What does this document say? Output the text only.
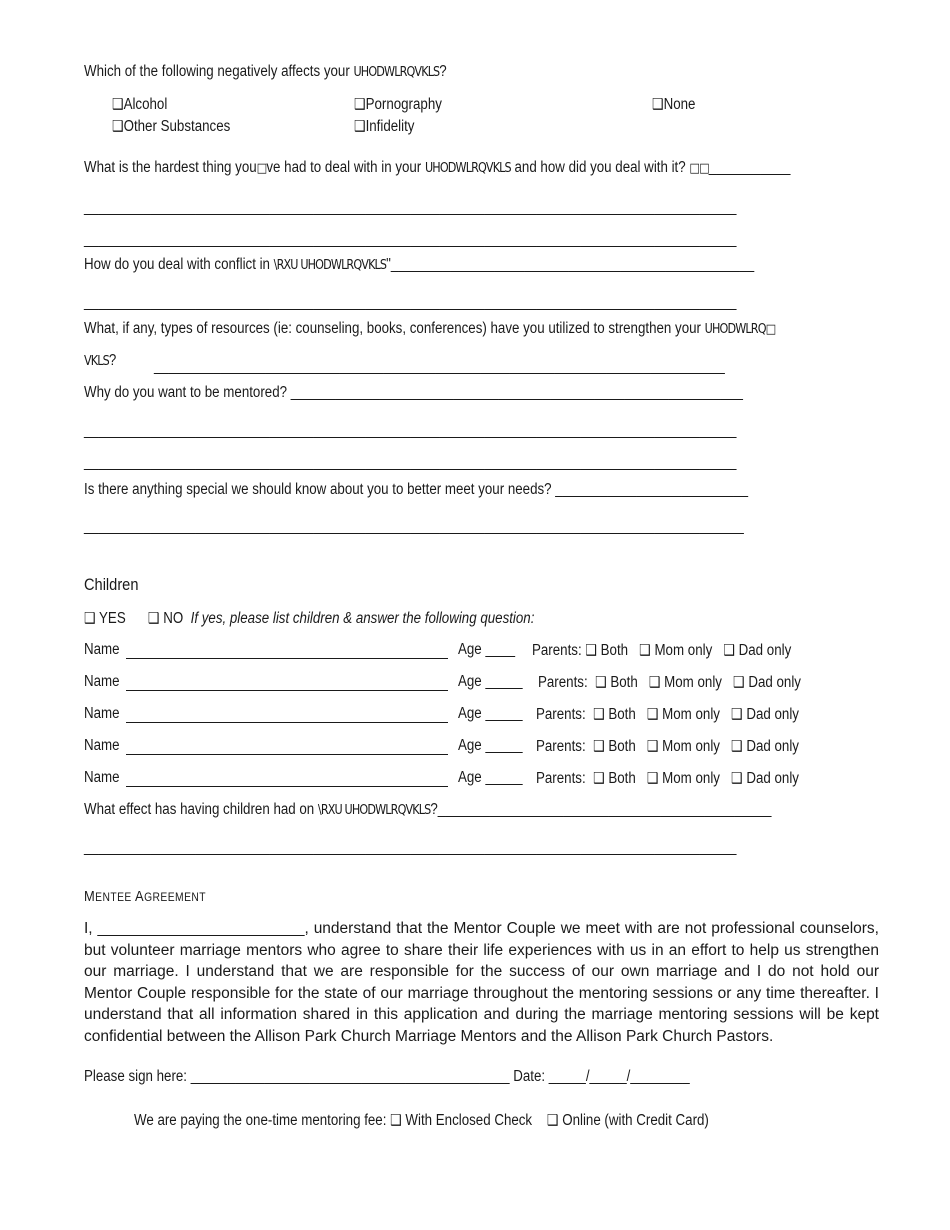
Which of the following negatively affects your UHODWLRQVKLS?
❑Alcohol	❑Pornography	❑None
❑Other Substances	❑Infidelity
What is the hardest thing you□ve had to deal with in your UHODWLRQVKLS and how did you deal with it? □□___________
________________________________________________________________________________________
________________________________________________________________________________________
How do you deal with conflict in \RXU UHODWLRQVKLS"_________________________________________________
________________________________________________________________________________________
What, if any, types of resources (ie: counseling, books, conferences) have you utilized to strengthen your UHODWLRQ□
VKLS? _____________________________________________________________________________
Why do you want to be mentored? _____________________________________________________________
________________________________________________________________________________________
________________________________________________________________________________________
Is there anything special we should know about you to better meet your needs? __________________________
_________________________________________________________________________________________
Children
❑ YES ❑ NO If yes, please list children & answer the following question:
Name	Age ____ Parents: ❑ Both ❑ Mom only ❑ Dad only
Name	Age _____ Parents: ❑ Both ❑ Mom only ❑ Dad only
Name	Age _____ Parents: ❑ Both ❑ Mom only ❑ Dad only
Name	Age _____ Parents: ❑ Both ❑ Mom only ❑ Dad only
Name	Age _____ Parents: ❑ Both ❑ Mom only ❑ Dad only
What effect has having children had on \RXU UHODWLRQVKLS?_____________________________________________
________________________________________________________________________________________
MENTEE AGREEMENT
I, ________________________, understand that the Mentor Couple we meet with are not professional counselors, but volunteer marriage mentors who agree to share their life experiences with us in an effort to help us strengthen our marriage. I understand that we are responsible for the success of our own marriage and I do not hold our Mentor Couple responsible for the state of our marriage throughout the mentoring sessions or any time thereafter. I understand that all information shared in this application and during the marriage mentoring sessions will be kept confidential between the Allison Park Church Marriage Mentors and the Allison Park Church Pastors.
Please sign here: ___________________________________________ Date: _____/_____/________
We are paying the one-time mentoring fee: ❑ With Enclosed Check ❑ Online (with Credit Card)
